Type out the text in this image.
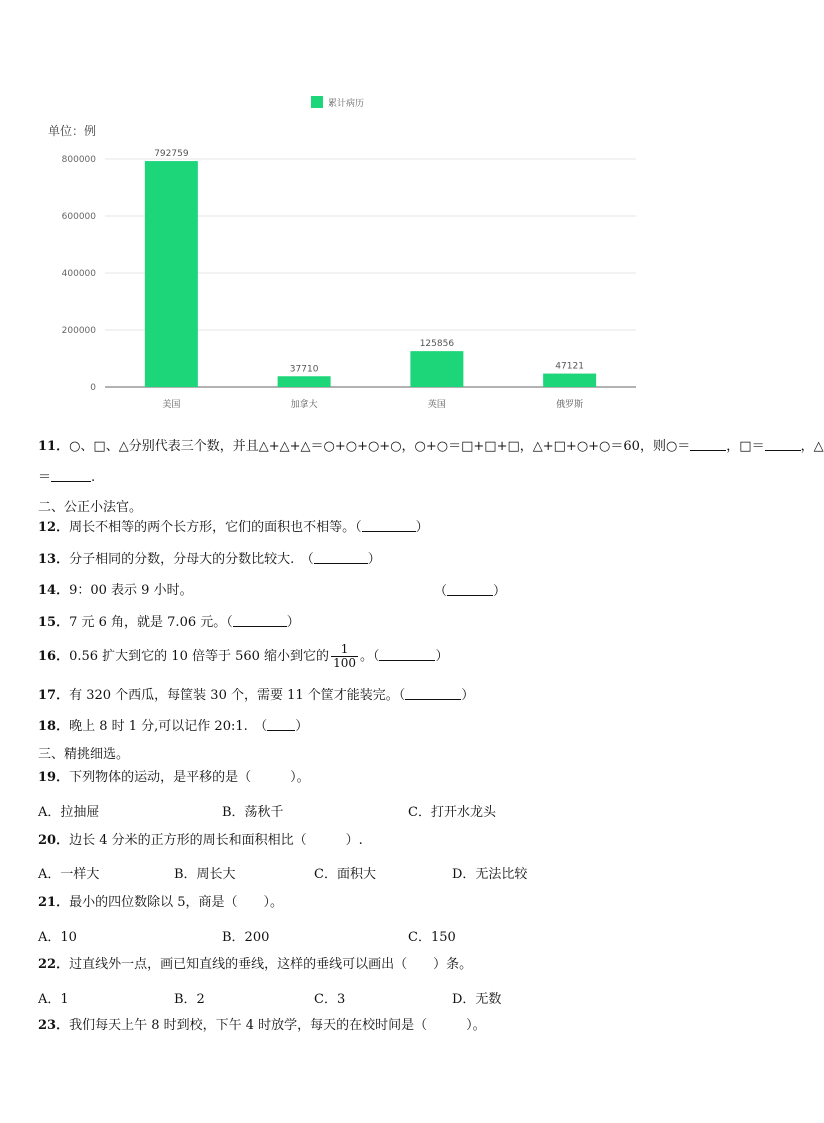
累计病历
0
200000
400000
600000
800000
792759
美国
37710
加拿大
125856
英国
47121
俄罗斯
单位：例
11．○、□、△分别代表三个数，并且△+△+△＝○+○+○+○，○+○＝□+□+□，△+□+○+○＝60，则○＝	，□＝	，△
＝	.
二、公正小法官。
12．周长不相等的两个长方形，它们的面积也不相等。（	）
13．分子相同的分数，分母大的分数比较大.　（	）
14．9：00 表示 9 小时。	（	）
15．7 元 6 角，就是 7.06 元。（	）
16．0.56 扩大到它的 10 倍等于 560 缩小到它的 $\frac{1}{100}$ 。（	）
17．有 320 个西瓜，每筐装 30 个，需要 11 个筐才能装完。（	）
18．晚上 8 时 1 分,可以记作 20:1.　（ ）
三、精挑细选。
19．下列物体的运动，是平移的是（　　　）。
A．拉抽屉	B．荡秋千	C．打开水龙头
20．边长 4 分米的正方形的周长和面积相比（　　　）.
A．一样大	B．周长大	C．面积大	D．无法比较
21．最小的四位数除以 5，商是（　　）。
A．10	B．200	C．150
22．过直线外一点，画已知直线的垂线，这样的垂线可以画出（　　）条。
A．1	B．2	C．3	D．无数
23．我们每天上午 8 时到校，下午 4 时放学，每天的在校时间是（　　　）。
